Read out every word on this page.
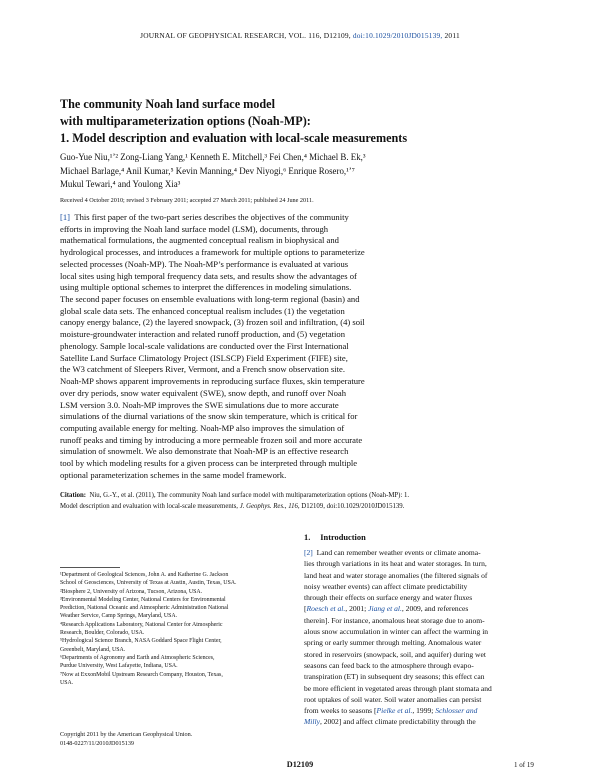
JOURNAL OF GEOPHYSICAL RESEARCH, VOL. 116, D12109, doi:10.1029/2010JD015139, 2011
The community Noah land surface model
with multiparameterization options (Noah-MP):
1. Model description and evaluation with local-scale measurements
Guo-Yue Niu,¹ʼ² Zong-Liang Yang,¹ Kenneth E. Mitchell,³ Fei Chen,⁴ Michael B. Ek,³
Michael Barlage,⁴ Anil Kumar,⁵ Kevin Manning,⁴ Dev Niyogi,⁶ Enrique Rosero,¹ʼ⁷
Mukul Tewari,⁴ and Youlong Xia³
Received 4 October 2010; revised 3 February 2011; accepted 27 March 2011; published 24 June 2011.
[1] This first paper of the two-part series describes the objectives of the community
efforts in improving the Noah land surface model (LSM), documents, through
mathematical formulations, the augmented conceptual realism in biophysical and
hydrological processes, and introduces a framework for multiple options to parameterize
selected processes (Noah-MP). The Noah-MP’s performance is evaluated at various
local sites using high temporal frequency data sets, and results show the advantages of
using multiple optional schemes to interpret the differences in modeling simulations.
The second paper focuses on ensemble evaluations with long-term regional (basin) and
global scale data sets. The enhanced conceptual realism includes (1) the vegetation
canopy energy balance, (2) the layered snowpack, (3) frozen soil and infiltration, (4) soil
moisture-groundwater interaction and related runoff production, and (5) vegetation
phenology. Sample local-scale validations are conducted over the First International
Satellite Land Surface Climatology Project (ISLSCP) Field Experiment (FIFE) site,
the W3 catchment of Sleepers River, Vermont, and a French snow observation site.
Noah-MP shows apparent improvements in reproducing surface fluxes, skin temperature
over dry periods, snow water equivalent (SWE), snow depth, and runoff over Noah
LSM version 3.0. Noah-MP improves the SWE simulations due to more accurate
simulations of the diurnal variations of the snow skin temperature, which is critical for
computing available energy for melting. Noah-MP also improves the simulation of
runoff peaks and timing by introducing a more permeable frozen soil and more accurate
simulation of snowmelt. We also demonstrate that Noah-MP is an effective research
tool by which modeling results for a given process can be interpreted through multiple
optional parameterization schemes in the same model framework.
Citation: Niu, G.-Y., et al. (2011), The community Noah land surface model with multiparameterization options (Noah-MP): 1.
Model description and evaluation with local-scale measurements, J. Geophys. Res., 116, D12109, doi:10.1029/2010JD015139.
1. Introduction
[2]  Land can remember weather events or climate anoma-
lies through variations in its heat and water storages. In turn,
land heat and water storage anomalies (the filtered signals of
noisy weather events) can affect climate predictability
through their effects on surface energy and water fluxes
[Roesch et al., 2001; Jiang et al., 2009, and references
therein]. For instance, anomalous heat storage due to anom-
alous snow accumulation in winter can affect the warming in
spring or early summer through melting. Anomalous water
stored in reservoirs (snowpack, soil, and aquifer) during wet
seasons can feed back to the atmosphere through evapo-
transpiration (ET) in subsequent dry seasons; this effect can
be more efficient in vegetated areas through plant stomata and
root uptakes of soil water. Soil water anomalies can persist
from weeks to seasons [Pielke et al., 1999; Schlosser and
Milly, 2002] and affect climate predictability through the
¹Department of Geological Sciences, John A. and Katherine G. Jackson
School of Geosciences, University of Texas at Austin, Austin, Texas, USA.
²Biosphere 2, University of Arizona, Tucson, Arizona, USA.
³Environmental Modeling Center, National Centers for Environmental
Prediction, National Oceanic and Atmospheric Administration National
Weather Service, Camp Springs, Maryland, USA.
⁴Research Applications Laboratory, National Center for Atmospheric
Research, Boulder, Colorado, USA.
⁵Hydrological Science Branch, NASA Goddard Space Flight Center,
Greenbelt, Maryland, USA.
⁶Departments of Agronomy and Earth and Atmospheric Sciences,
Purdue University, West Lafayette, Indiana, USA.
⁷Now at ExxonMobil Upstream Research Company, Houston, Texas,
USA.
Copyright 2011 by the American Geophysical Union.
0148-0227/11/2010JD015139
D12109	1 of 19
